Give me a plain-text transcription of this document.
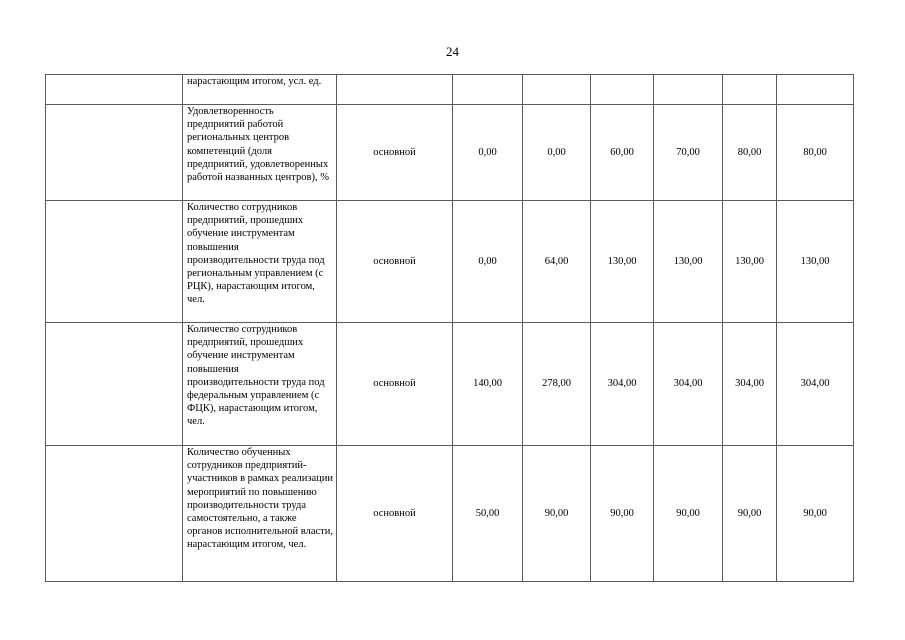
24
	нарастающим итогом, усл. ед.							
	Удовлетворенность предприятий работой региональных центров компетенций (доля предприятий, удовлетворенных работой названных центров), %	основной	0,00	0,00	60,00	70,00	80,00	80,00
	Количество сотрудников предприятий, прошедших обучение инструментам повышения производительности труда под региональным управлением (с РЦК), нарастающим итогом, чел.	основной	0,00	64,00	130,00	130,00	130,00	130,00
	Количество сотрудников предприятий, прошедших обучение инструментам повышения производительности труда под федеральным управлением (с ФЦК), нарастающим итогом, чел.	основной	140,00	278,00	304,00	304,00	304,00	304,00
	Количество обученных сотрудников предприятий-участников в рамках реализации мероприятий по повышению производительности труда самостоятельно, а также органов исполнительной власти, нарастающим итогом, чел.	основной	50,00	90,00	90,00	90,00	90,00	90,00
